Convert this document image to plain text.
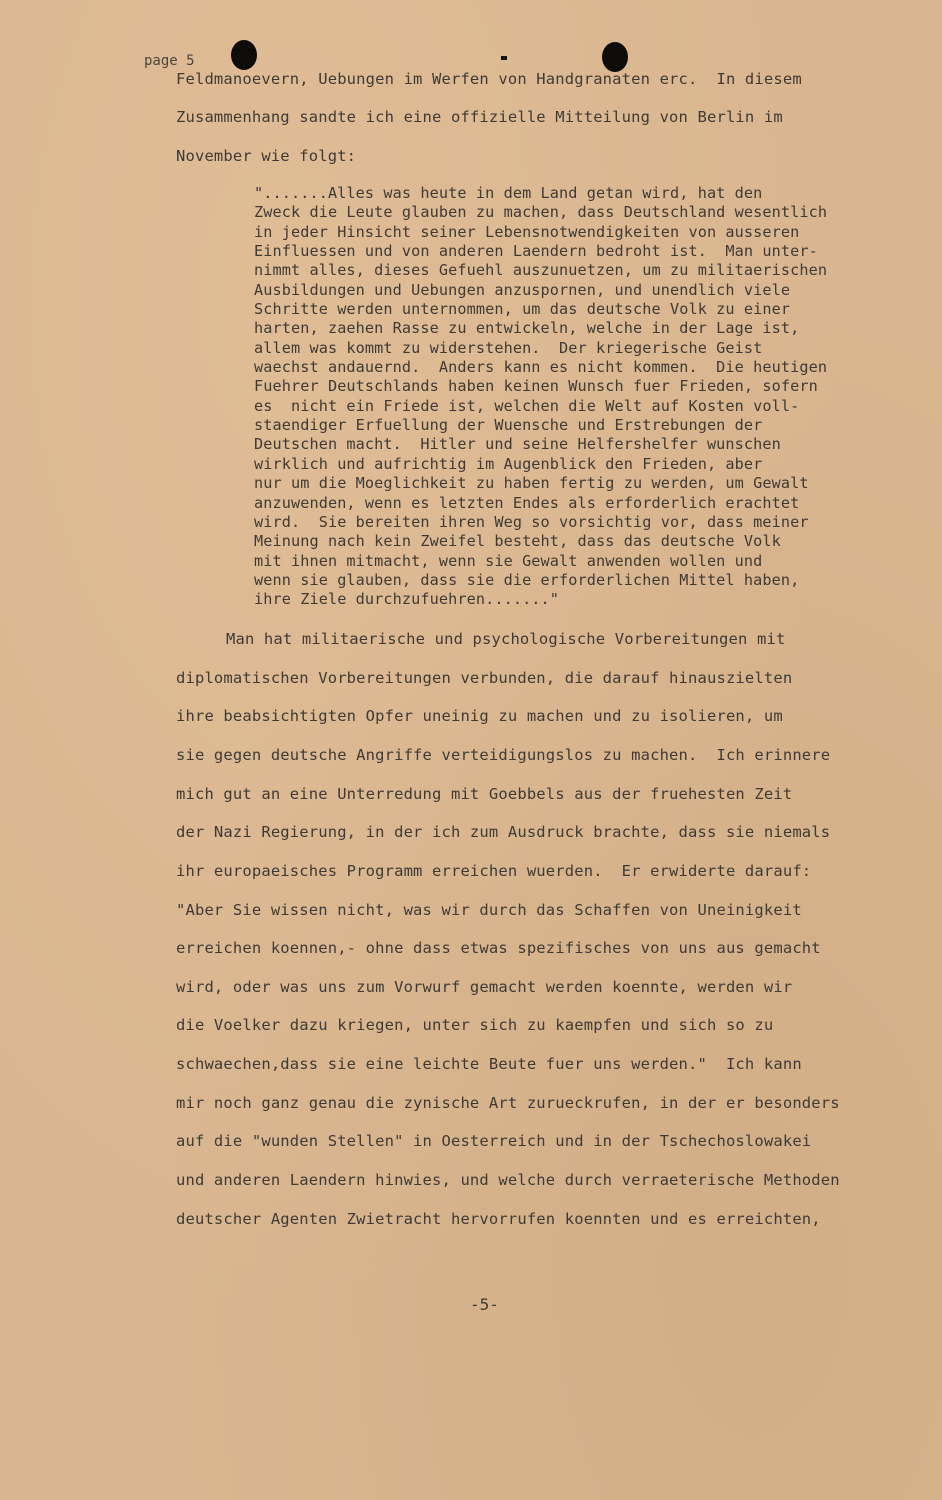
page 5
Feldmanoevern, Uebungen im Werfen von Handgranaten erc.  In diesem
Zusammenhang sandte ich eine offizielle Mitteilung von Berlin im
November wie folgt:
".......Alles was heute in dem Land getan wird, hat den
Zweck die Leute glauben zu machen, dass Deutschland wesentlich
in jeder Hinsicht seiner Lebensnotwendigkeiten von ausseren
Einfluessen und von anderen Laendern bedroht ist.  Man unter-
nimmt alles, dieses Gefuehl auszunuetzen, um zu militaerischen
Ausbildungen und Uebungen anzuspornen, und unendlich viele
Schritte werden unternommen, um das deutsche Volk zu einer
harten, zaehen Rasse zu entwickeln, welche in der Lage ist,
allem was kommt zu widerstehen.  Der kriegerische Geist
waechst andauernd.  Anders kann es nicht kommen.  Die heutigen
Fuehrer Deutschlands haben keinen Wunsch fuer Frieden, sofern
es  nicht ein Friede ist, welchen die Welt auf Kosten voll-
staendiger Erfuellung der Wuensche und Erstrebungen der
Deutschen macht.  Hitler und seine Helfershelfer wunschen
wirklich und aufrichtig im Augenblick den Frieden, aber
nur um die Moeglichkeit zu haben fertig zu werden, um Gewalt
anzuwenden, wenn es letzten Endes als erforderlich erachtet
wird.  Sie bereiten ihren Weg so vorsichtig vor, dass meiner
Meinung nach kein Zweifel besteht, dass das deutsche Volk
mit ihnen mitmacht, wenn sie Gewalt anwenden wollen und
wenn sie glauben, dass sie die erforderlichen Mittel haben,
ihre Ziele durchzufuehren......."
Man hat militaerische und psychologische Vorbereitungen mit
diplomatischen Vorbereitungen verbunden, die darauf hinauszielten
ihre beabsichtigten Opfer uneinig zu machen und zu isolieren, um
sie gegen deutsche Angriffe verteidigungslos zu machen.  Ich erinnere
mich gut an eine Unterredung mit Goebbels aus der fruehesten Zeit
der Nazi Regierung, in der ich zum Ausdruck brachte, dass sie niemals
ihr europaeisches Programm erreichen wuerden.  Er erwiderte darauf:
"Aber Sie wissen nicht, was wir durch das Schaffen von Uneinigkeit
erreichen koennen,- ohne dass etwas spezifisches von uns aus gemacht
wird, oder was uns zum Vorwurf gemacht werden koennte, werden wir
die Voelker dazu kriegen, unter sich zu kaempfen und sich so zu
schwaechen,dass sie eine leichte Beute fuer uns werden."  Ich kann
mir noch ganz genau die zynische Art zurueckrufen, in der er besonders
auf die "wunden Stellen" in Oesterreich und in der Tschechoslowakei
und anderen Laendern hinwies, und welche durch verraeterische Methoden
deutscher Agenten Zwietracht hervorrufen koennten und es erreichten,
-5-
